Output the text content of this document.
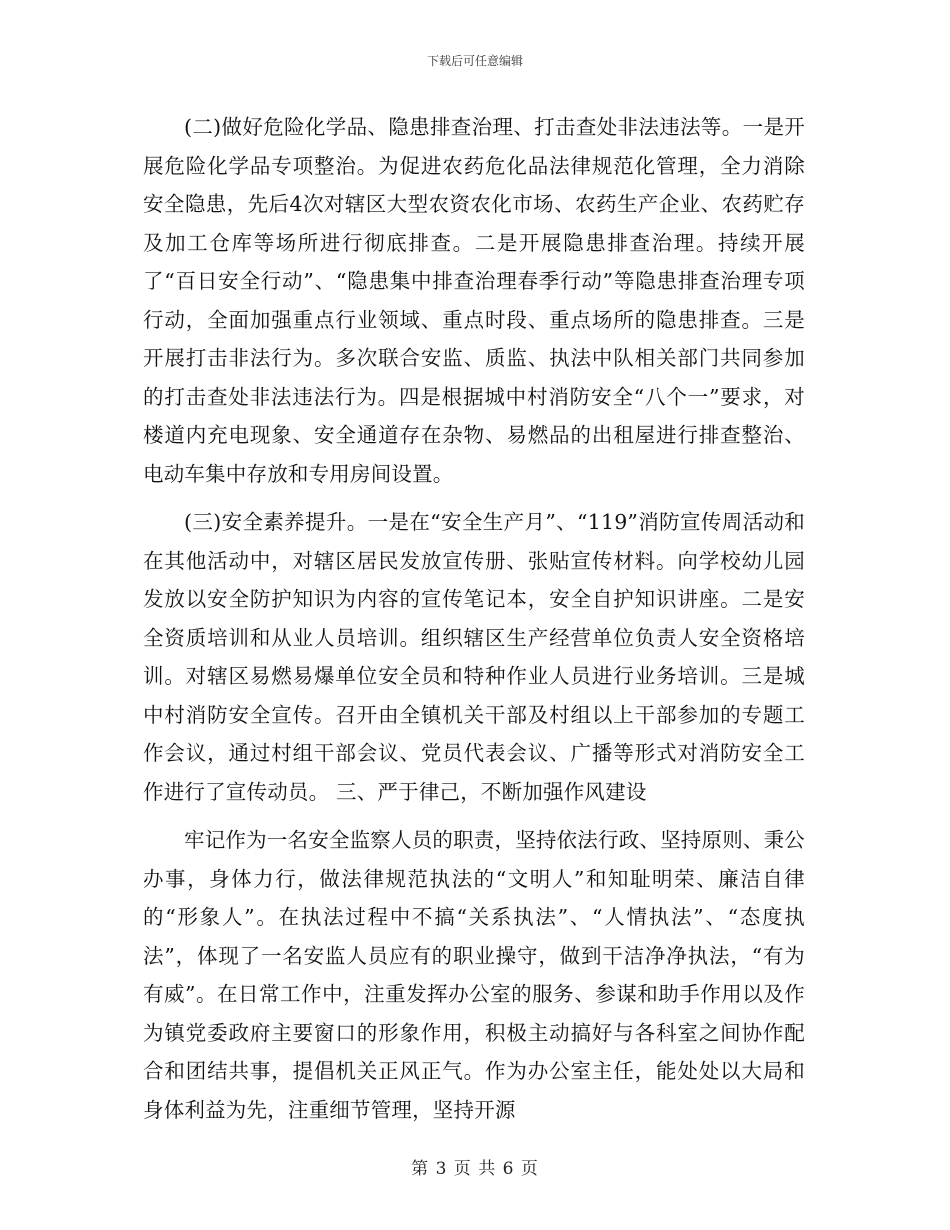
下载后可任意编辑

(二)做好危险化学品、隐患排查治理、打击查处非法违法等。一是开展危险化学品专项整治。为促进农药危化品法律规范化管理，全力消除安全隐患，先后4次对辖区大型农资农化市场、农药生产企业、农药贮存及加工仓库等场所进行彻底排查。二是开展隐患排查治理。持续开展了“百日安全行动”、“隐患集中排查治理春季行动”等隐患排查治理专项行动，全面加强重点行业领域、重点时段、重点场所的隐患排查。三是开展打击非法行为。多次联合安监、质监、执法中队相关部门共同参加的打击查处非法违法行为。四是根据城中村消防安全“八个一”要求，对楼道内充电现象、安全通道存在杂物、易燃品的出租屋进行排查整治、电动车集中存放和专用房间设置。

(三)安全素养提升。一是在“安全生产月”、“119”消防宣传周活动和在其他活动中，对辖区居民发放宣传册、张贴宣传材料。向学校幼儿园发放以安全防护知识为内容的宣传笔记本，安全自护知识讲座。二是安全资质培训和从业人员培训。组织辖区生产经营单位负责人安全资格培训。对辖区易燃易爆单位安全员和特种作业人员进行业务培训。三是城中村消防安全宣传。召开由全镇机关干部及村组以上干部参加的专题工作会议，通过村组干部会议、党员代表会议、广播等形式对消防安全工作进行了宣传动员。 三、严于律己，不断加强作风建设

牢记作为一名安全监察人员的职责，坚持依法行政、坚持原则、秉公办事，身体力行，做法律规范执法的“文明人”和知耻明荣、廉洁自律的“形象人”。在执法过程中不搞“关系执法”、“人情执法”、“态度执法”，体现了一名安监人员应有的职业操守，做到干洁净净执法，“有为有威”。在日常工作中，注重发挥办公室的服务、参谋和助手作用以及作为镇党委政府主要窗口的形象作用，积极主动搞好与各科室之间协作配合和团结共事，提倡机关正风正气。作为办公室主任，能处处以大局和身体利益为先，注重细节管理，坚持开源

第 3 页 共 6 页
